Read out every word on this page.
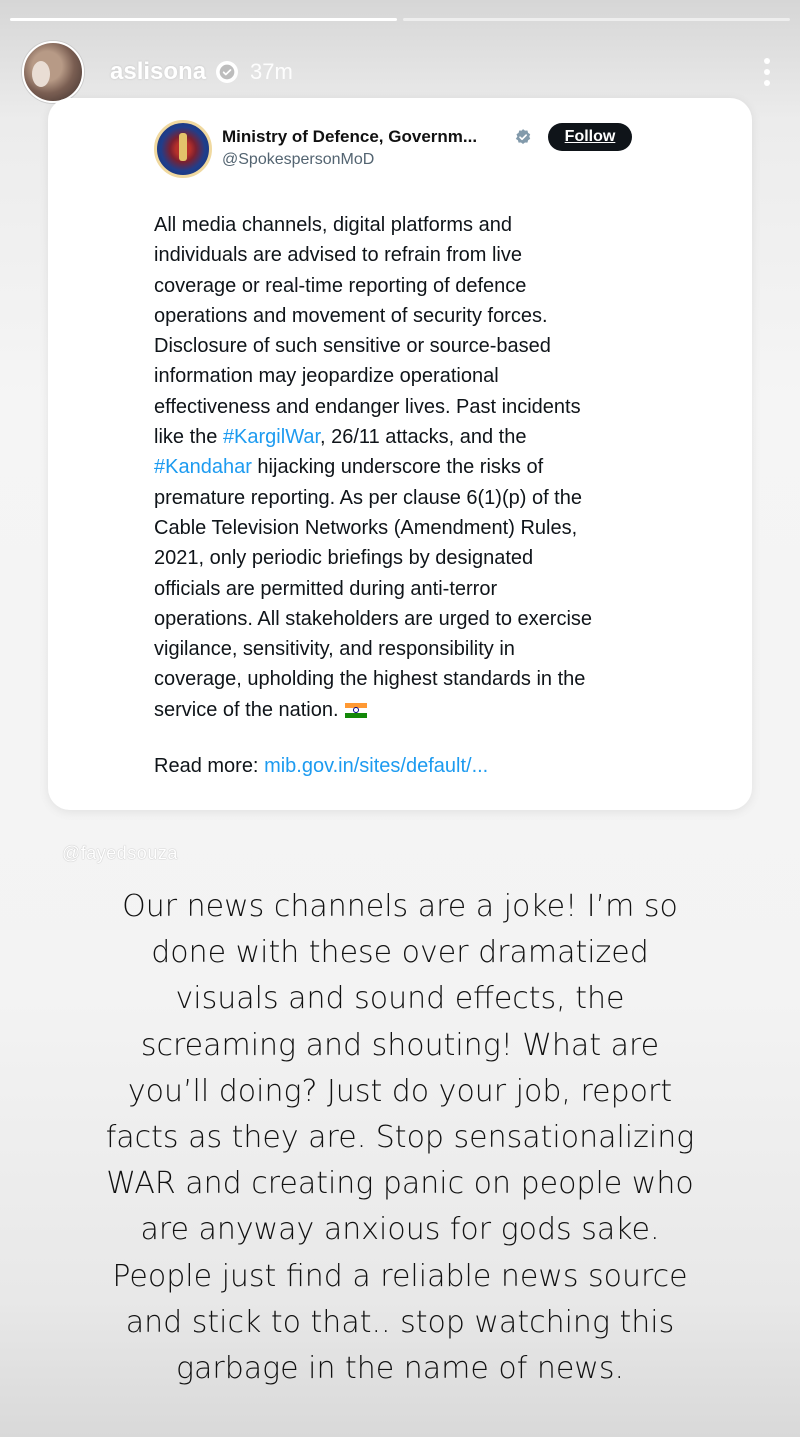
aslisona 37m
Ministry of Defence, Governm...
@SpokespersonMoD
Follow

All media channels, digital platforms and

individuals are advised to refrain from live

coverage or real-time reporting of defence

operations and movement of security forces.

Disclosure of such sensitive or source-based

information may jeopardize operational

effectiveness and endanger lives. Past incidents

like the #KargilWar, 26/11 attacks, and the

#Kandahar hijacking underscore the risks of

premature reporting. As per clause 6(1)(p) of the

Cable Television Networks (Amendment) Rules,

2021, only periodic briefings by designated

officials are permitted during anti-terror

operations. All stakeholders are urged to exercise

vigilance, sensitivity, and responsibility in

coverage, upholding the highest standards in the

service of the nation.

Read more: mib.gov.in/sites/default/...
@fayedsouza

Our news channels are a joke! I’m so

done with these over dramatized

visuals and sound effects, the

screaming and shouting! What are

you’ll doing? Just do your job, report

facts as they are. Stop sensationalizing

WAR and creating panic on people who

are anyway anxious for gods sake.

People just find a reliable news source

and stick to that.. stop watching this

garbage in the name of news.
